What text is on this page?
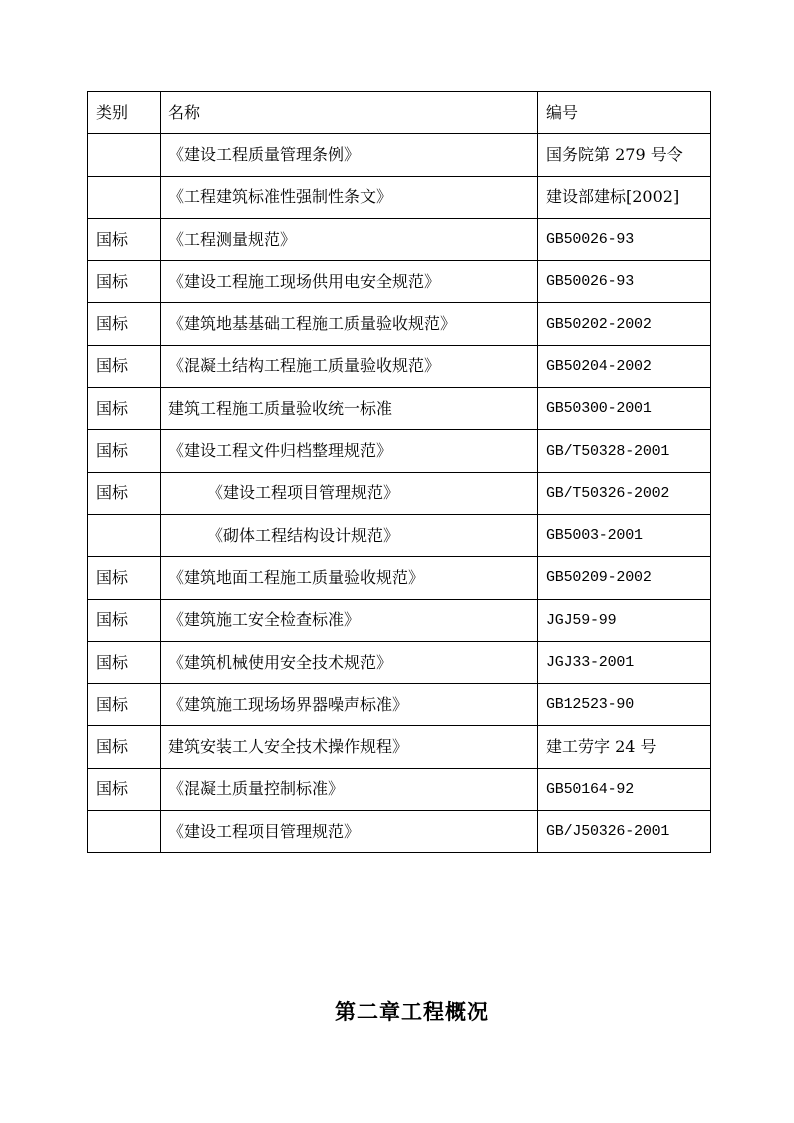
类别	名称	编号
	《建设工程质量管理条例》	国务院第 279 号令
	《工程建筑标准性强制性条文》	建设部建标[2002]
国标	《工程测量规范》	GB50026-93
国标	《建设工程施工现场供用电安全规范》	GB50026-93
国标	《建筑地基基础工程施工质量验收规范》	GB50202-2002
国标	《混凝土结构工程施工质量验收规范》	GB50204-2002
国标	建筑工程施工质量验收统一标准	GB50300-2001
国标	《建设工程文件归档整理规范》	GB/T50328-2001
国标	《建设工程项目管理规范》	GB/T50326-2002
	《砌体工程结构设计规范》	GB5003-2001
国标	《建筑地面工程施工质量验收规范》	GB50209-2002
国标	《建筑施工安全检查标准》	JGJ59-99
国标	《建筑机械使用安全技术规范》	JGJ33-2001
国标	《建筑施工现场场界器噪声标准》	GB12523-90
国标	建筑安装工人安全技术操作规程》	建工劳字 24 号
国标	《混凝土质量控制标准》	GB50164-92
	《建设工程项目管理规范》	GB/J50326-2001
第二章工程概况
